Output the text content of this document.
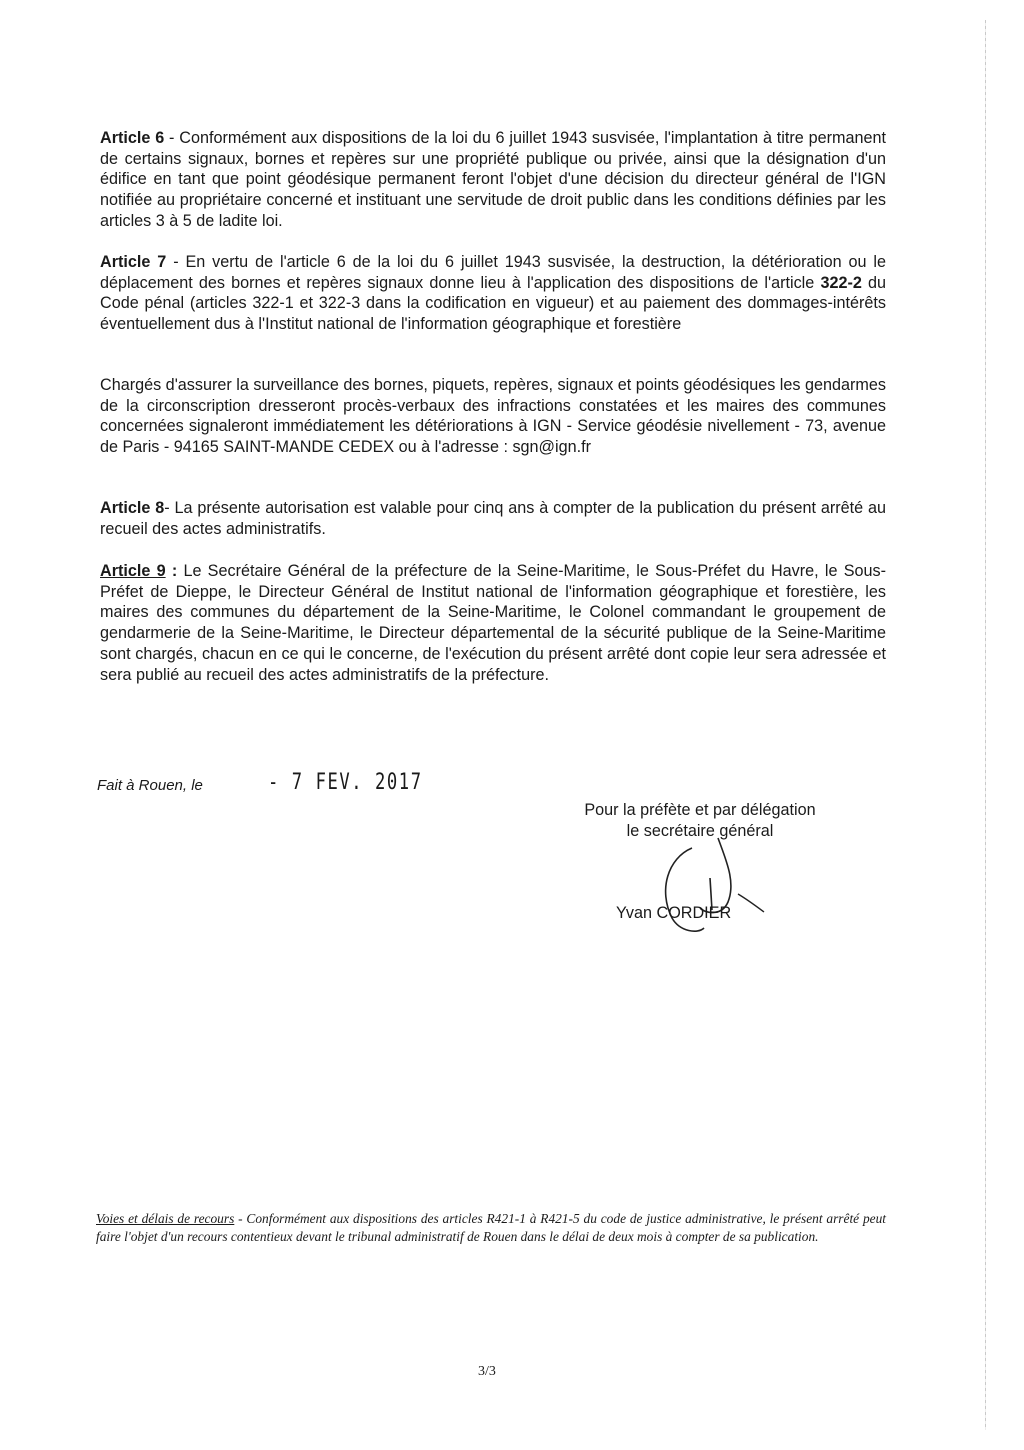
Article 6 - Conformément aux dispositions de la loi du 6 juillet 1943 susvisée, l'implantation à titre permanent de certains signaux, bornes et repères sur une propriété publique ou privée, ainsi que la désignation d'un édifice en tant que point géodésique permanent feront l'objet d'une décision du directeur général de l'IGN notifiée au propriétaire concerné et instituant une servitude de droit public dans les conditions définies par les articles 3 à 5 de ladite loi.

Article 7 - En vertu de l'article 6 de la loi du 6 juillet 1943 susvisée, la destruction, la détérioration ou le déplacement des bornes et repères signaux donne lieu à l'application des dispositions de l'article 322-2 du Code pénal (articles 322-1 et 322-3 dans la codification en vigueur) et au paiement des dommages-intérêts éventuellement dus à l'Institut national de l'information géographique et forestière

Chargés d'assurer la surveillance des bornes, piquets, repères, signaux et points géodésiques les gendarmes de la circonscription dresseront procès-verbaux des infractions constatées et les maires des communes concernées signaleront immédiatement les détériorations à IGN - Service géodésie nivellement - 73, avenue de Paris - 94165 SAINT-MANDE CEDEX ou à l'adresse : sgn@ign.fr

Article 8- La présente autorisation est valable pour cinq ans à compter de la publication du présent arrêté au recueil des actes administratifs.

Article 9 : Le Secrétaire Général de la préfecture de la Seine-Maritime, le Sous-Préfet du Havre, le Sous-Préfet de Dieppe, le Directeur Général de Institut national de l'information géographique et forestière, les maires des communes du département de la Seine-Maritime, le Colonel commandant le groupement de gendarmerie de la Seine-Maritime, le Directeur départemental de la sécurité publique de la Seine-Maritime sont chargés, chacun en ce qui le concerne, de l'exécution du présent arrêté dont copie leur sera adressée et sera publié au recueil des actes administratifs de la préfecture.

Fait à Rouen, le	- 7 FEV. 2017
Pour la préfète et par délégation
le secrétaire général
Yvan CORDIER

Voies et délais de recours - Conformément aux dispositions des articles R421-1 à R421-5 du code de justice administrative, le présent arrêté peut faire l'objet d'un recours contentieux devant le tribunal administratif de Rouen dans le délai de deux mois à compter de sa publication.

3/3
